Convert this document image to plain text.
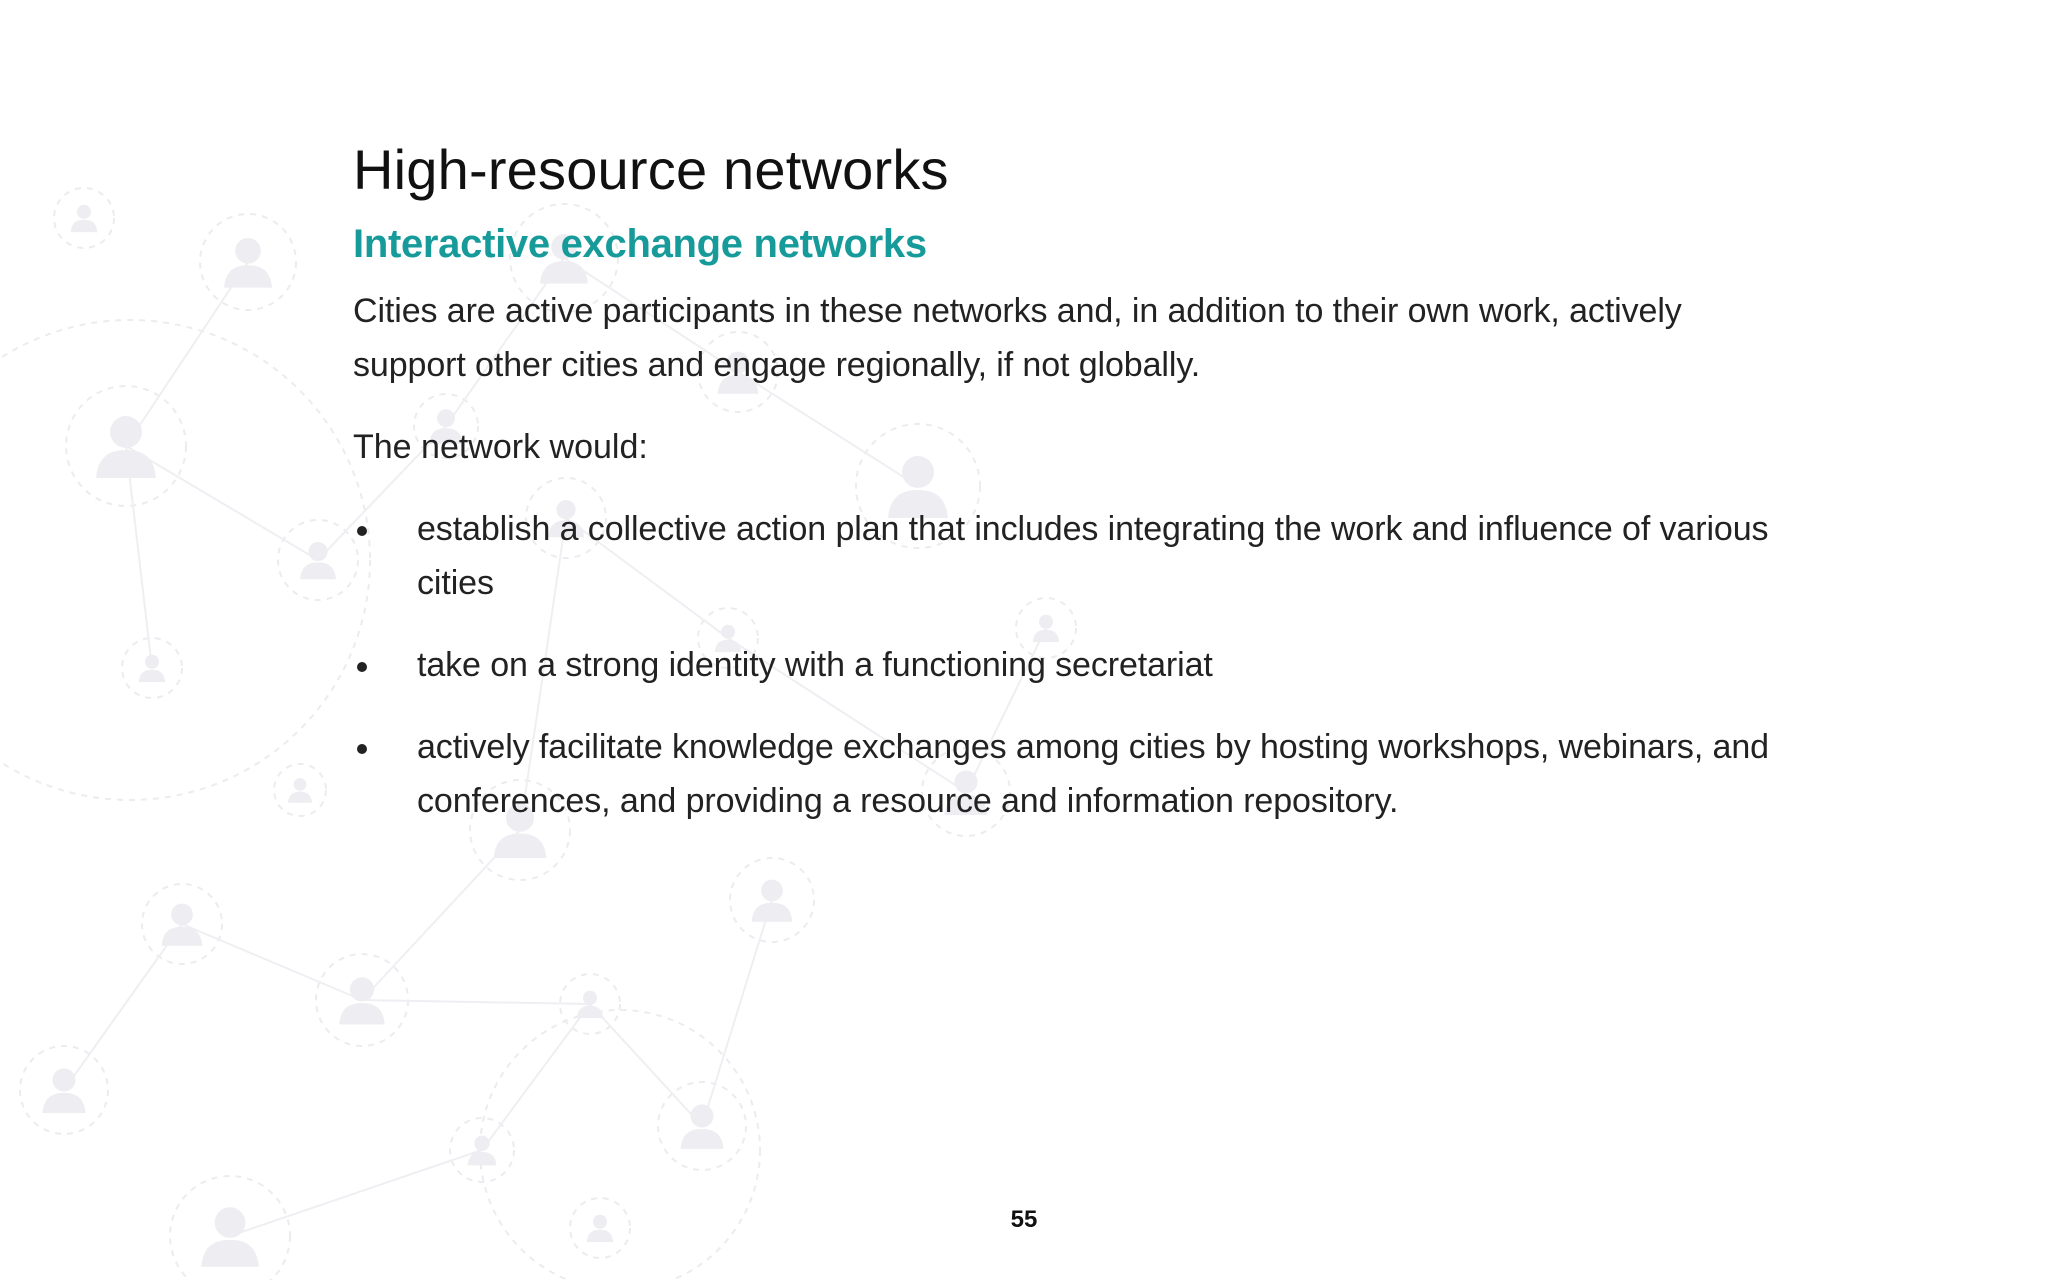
High-resource networks
Interactive exchange networks

Cities are active participants in these networks and, in addition to their own work, actively support other cities and engage regionally, if not globally.

The network would:

establish a collective action plan that includes integrating the work and influence of various cities
take on a strong identity with a functioning secretariat
actively facilitate knowledge exchanges among cities by hosting workshops, webinars, and conferences, and providing a resource and information repository.
55
